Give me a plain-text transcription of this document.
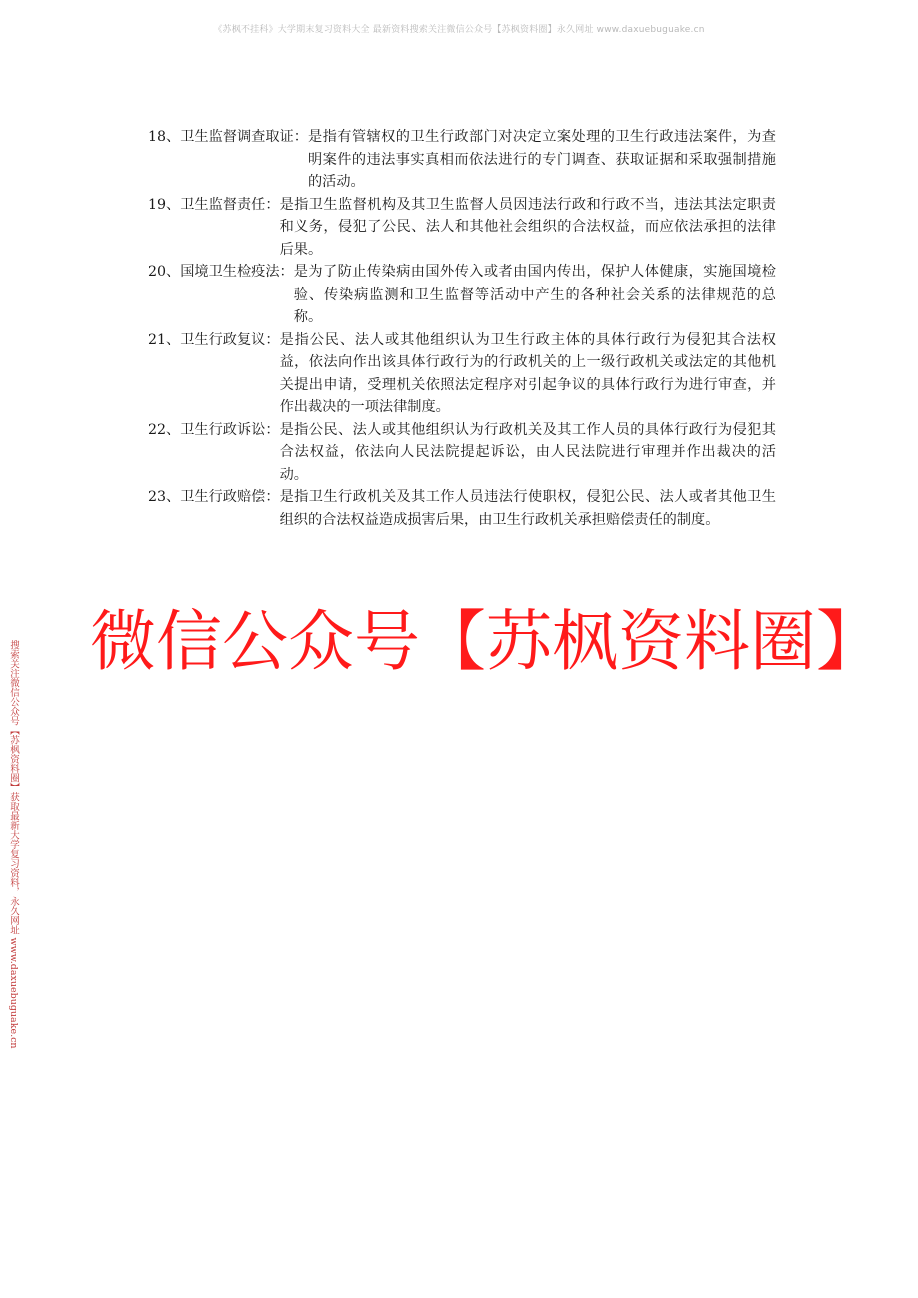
《苏枫不挂科》大学期末复习资料大全 最新资料搜索关注微信公众号【苏枫资料圈】永久网址 www.daxuebuguake.cn
18、卫生监督调查取证： 是指有管辖权的卫生行政部门对决定立案处理的卫生行政违法案件，为查明案件的违法事实真相而依法进行的专门调查、获取证据和采取强制措施的活动。
19、卫生监督责任： 是指卫生监督机构及其卫生监督人员因违法行政和行政不当，违法其法定职责和义务，侵犯了公民、法人和其他社会组织的合法权益，而应依法承担的法律后果。
20、国境卫生检疫法： 是为了防止传染病由国外传入或者由国内传出，保护人体健康，实施国境检验、传染病监测和卫生监督等活动中产生的各种社会关系的法律规范的总称。
21、卫生行政复议： 是指公民、法人或其他组织认为卫生行政主体的具体行政行为侵犯其合法权益，依法向作出该具体行政行为的行政机关的上一级行政机关或法定的其他机关提出申请，受理机关依照法定程序对引起争议的具体行政行为进行审查，并作出裁决的一项法律制度。
22、卫生行政诉讼： 是指公民、法人或其他组织认为行政机关及其工作人员的具体行政行为侵犯其合法权益，依法向人民法院提起诉讼，由人民法院进行审理并作出裁决的活动。
23、卫生行政赔偿： 是指卫生行政机关及其工作人员违法行使职权，侵犯公民、法人或者其他卫生组织的合法权益造成损害后果，由卫生行政机关承担赔偿责任的制度。
搜索关注微信公众号【苏枫资料圈】获取最新大学复习资料，永久网址 www.daxuebuguake.cn 微信公众号【苏枫资料圈】
